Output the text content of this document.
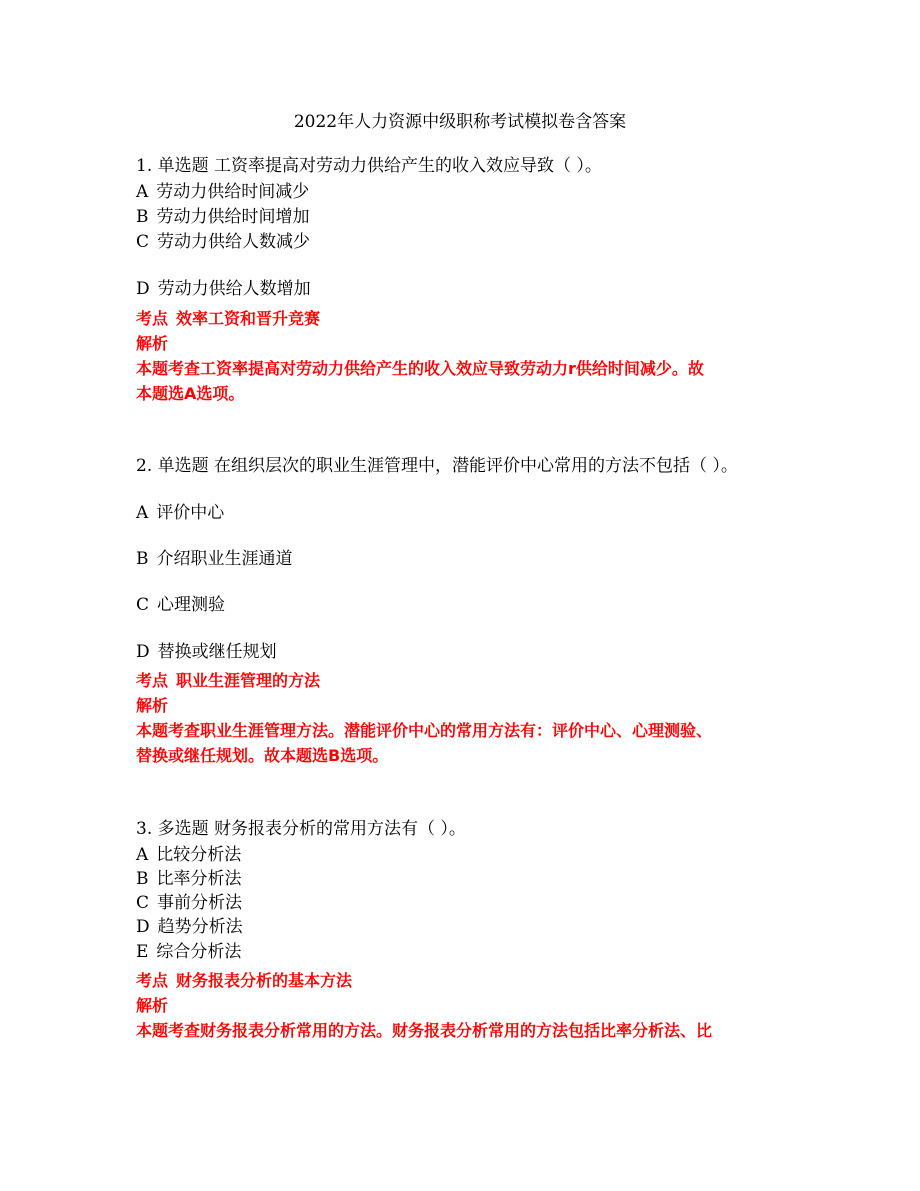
2022年人力资源中级职称考试模拟卷含答案
1. 单选题 工资率提高对劳动力供给产生的收入效应导致（ ）。
A 劳动力供给时间减少
B 劳动力供给时间增加
C 劳动力供给人数减少
D 劳动力供给人数增加
考点 效率工资和晋升竞赛
解析
本题考查工资率提高对劳动力供给产生的收入效应导致劳动力r供给时间减少。故
本题选A选项。
2. 单选题 在组织层次的职业生涯管理中，潜能评价中心常用的方法不包括（ ）。
A 评价中心
B 介绍职业生涯通道
C 心理测验
D 替换或继任规划
考点 职业生涯管理的方法
解析
本题考查职业生涯管理方法。潜能评价中心的常用方法有：评价中心、心理测验、
替换或继任规划。故本题选B选项。
3. 多选题 财务报表分析的常用方法有（ ）。
A 比较分析法
B 比率分析法
C 事前分析法
D 趋势分析法
E 综合分析法
考点 财务报表分析的基本方法
解析
本题考查财务报表分析常用的方法。财务报表分析常用的方法包括比率分析法、比
